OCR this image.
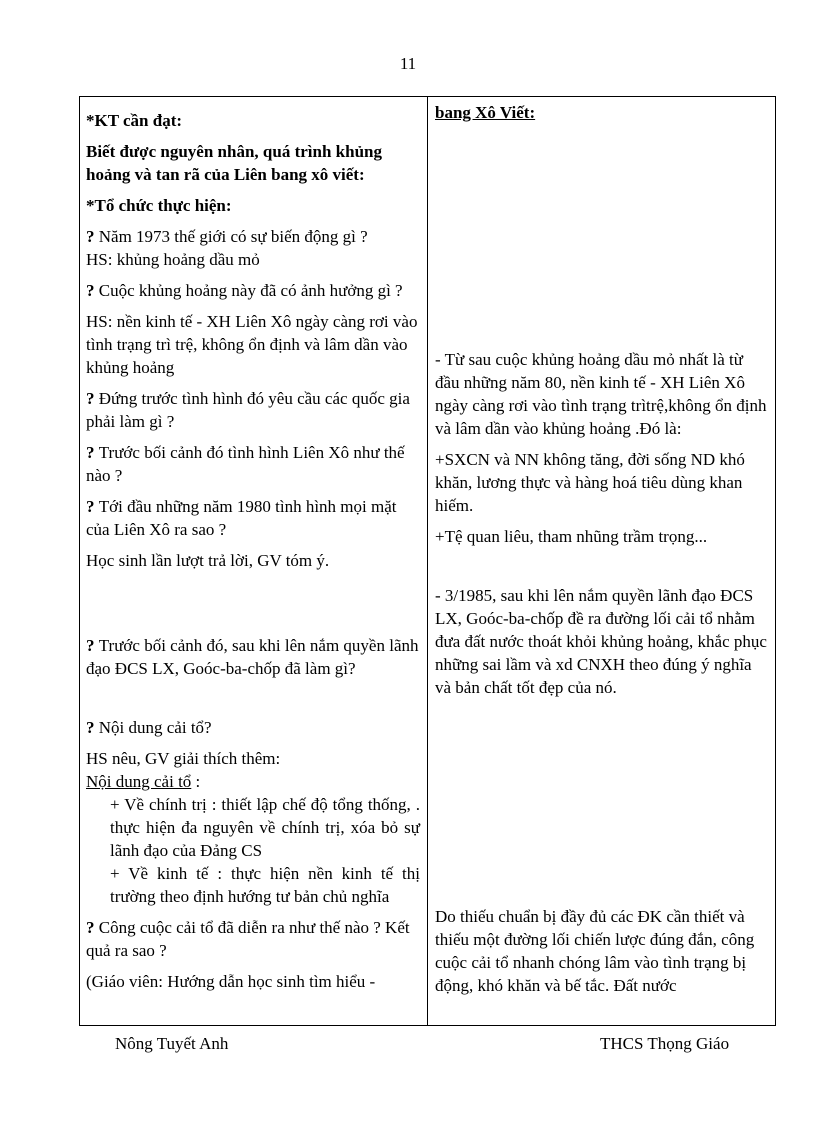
11

*KT cần đạt:

Biết được nguyên nhân, quá trình khủng hoảng và tan rã của Liên bang xô viết:

*Tổ chức thực hiện:

? Năm 1973 thế giới có sự biến động gì ?

HS: khủng hoảng dầu mỏ

? Cuộc khủng hoảng này đã có ảnh hưởng gì ?

HS: nền kinh tế - XH Liên Xô ngày càng rơi vào tình trạng trì trệ, không ổn định và lâm dần vào khủng hoảng

? Đứng trước tình hình đó yêu cầu các quốc gia phải làm gì ?

? Trước bối cảnh đó tình hình Liên Xô như thế nào ?

? Tới đầu những năm 1980 tình hình mọi mặt của Liên Xô ra sao ?

Học sinh lần lượt trả lời, GV tóm ý.

? Trước bối cảnh đó, sau khi lên nắm quyền lãnh đạo ĐCS LX, Goóc-ba-chốp đã làm gì?

? Nội dung cải tổ?

HS nêu, GV giải thích thêm:

Nội dung cải tổ :

+ Về chính trị : thiết lập chế độ tổng thống, . thực hiện đa nguyên về chính trị, xóa bỏ sự lãnh đạo của Đảng CS

+ Về kinh tế : thực hiện nền kinh tế thị trường theo định hướng tư bản chủ nghĩa

? Công cuộc cải tổ đã diễn ra như thế nào ? Kết quả ra sao ?

(Giáo viên: Hướng dẫn học sinh tìm hiểu -

bang Xô Viết:

- Từ sau cuộc khủng hoảng dầu mỏ nhất là từ đầu những năm 80, nền kinh tế - XH Liên Xô ngày càng rơi vào tình trạng trìtrệ,không ổn định và lâm dần vào khủng hoảng .Đó là:

+SXCN và NN không tăng, đời sống ND khó khăn, lương thực và hàng hoá tiêu dùng khan hiếm.

+Tệ quan liêu, tham nhũng trầm trọng...

- 3/1985, sau khi lên nắm quyền lãnh đạo ĐCS LX, Goóc-ba-chốp đề ra đường lối cải tổ nhằm đưa đất nước thoát khỏi khủng hoảng, khắc phục những sai lầm và xd CNXH theo đúng ý nghĩa và bản chất tốt đẹp của nó.

Do thiếu chuẩn bị đầy đủ các ĐK cần thiết và thiếu một đường lối chiến lược đúng đắn, công cuộc cải tổ nhanh chóng lâm vào tình trạng bị động, khó khăn và bế tắc. Đất nước

Nông Tuyết Anh	THCS Thọng Giáo
